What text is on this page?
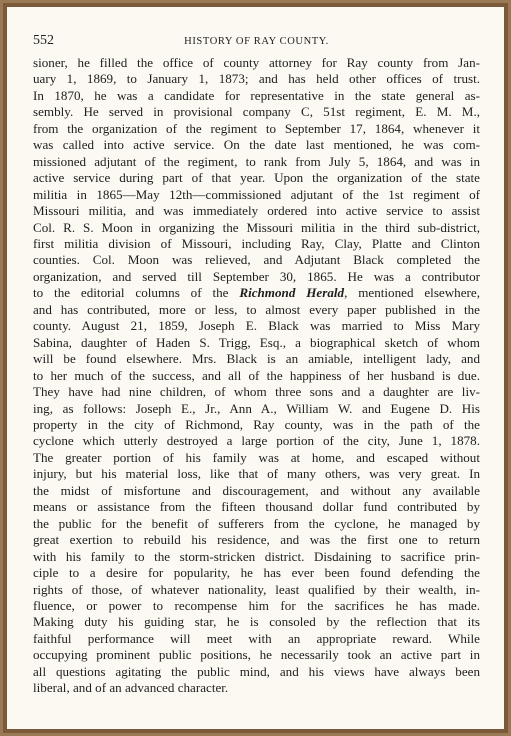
552	HISTORY OF RAY COUNTY.
sioner, he filled the office of county attorney for Ray county from Jan-
uary 1, 1869, to January 1, 1873; and has held other offices of trust.
In 1870, he was a candidate for representative in the state general as-
sembly. He served in provisional company C, 51st regiment, E. M. M.,
from the organization of the regiment to September 17, 1864, whenever it
was called into active service. On the date last mentioned, he was com-
missioned adjutant of the regiment, to rank from July 5, 1864, and was in
active service during part of that year. Upon the organization of the state
militia in 1865—May 12th—commissioned adjutant of the 1st regiment of
Missouri militia, and was immediately ordered into active service to assist
Col. R. S. Moon in organizing the Missouri militia in the third sub-district,
first militia division of Missouri, including Ray, Clay, Platte and Clinton
counties. Col. Moon was relieved, and Adjutant Black completed the
organization, and served till September 30, 1865. He was a contributor
to the editorial columns of the Richmond Herald, mentioned elsewhere,
and has contributed, more or less, to almost every paper published in the
county. August 21, 1859, Joseph E. Black was married to Miss Mary
Sabina, daughter of Haden S. Trigg, Esq., a biographical sketch of whom
will be found elsewhere. Mrs. Black is an amiable, intelligent lady, and
to her much of the success, and all of the happiness of her husband is due.
They have had nine children, of whom three sons and a daughter are liv-
ing, as follows: Joseph E., Jr., Ann A., William W. and Eugene D. His
property in the city of Richmond, Ray county, was in the path of the
cyclone which utterly destroyed a large portion of the city, June 1, 1878.
The greater portion of his family was at home, and escaped without
injury, but his material loss, like that of many others, was very great. In
the midst of misfortune and discouragement, and without any available
means or assistance from the fifteen thousand dollar fund contributed by
the public for the benefit of sufferers from the cyclone, he managed by
great exertion to rebuild his residence, and was the first one to return
with his family to the storm-stricken district. Disdaining to sacrifice prin-
ciple to a desire for popularity, he has ever been found defending the
rights of those, of whatever nationality, least qualified by their wealth, in-
fluence, or power to recompense him for the sacrifices he has made.
Making duty his guiding star, he is consoled by the reflection that its
faithful performance will meet with an appropriate reward. While
occupying prominent public positions, he necessarily took an active part in
all questions agitating the public mind, and his views have always been
liberal, and of an advanced character.
